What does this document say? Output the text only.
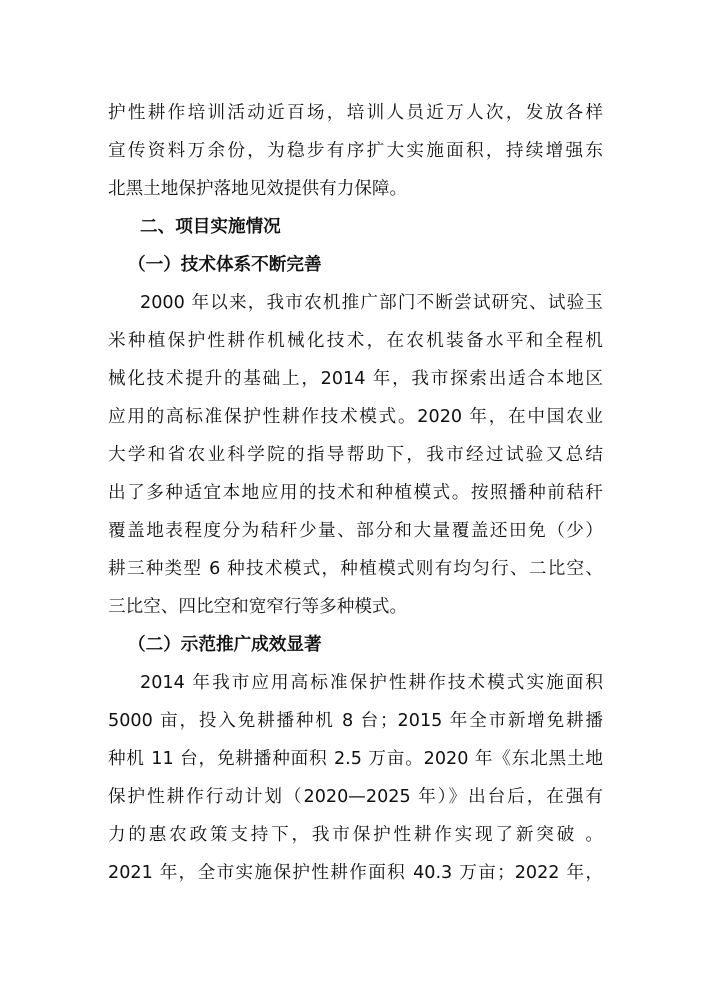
护性耕作培训活动近百场，培训人员近万人次，发放各样
宣传资料万余份，为稳步有序扩大实施面积，持续增强东
北黑土地保护落地见效提供有力保障。
二、项目实施情况
（一）技术体系不断完善
2000 年以来，我市农机推广部门不断尝试研究、试验玉
米种植保护性耕作机械化技术，在农机装备水平和全程机
械化技术提升的基础上，2014 年，我市探索出适合本地区
应用的高标准保护性耕作技术模式。2020 年，在中国农业
大学和省农业科学院的指导帮助下，我市经过试验又总结
出了多种适宜本地应用的技术和种植模式。按照播种前秸秆
覆盖地表程度分为秸秆少量、部分和大量覆盖还田免（少）
耕三种类型 6 种技术模式，种植模式则有均匀行、二比空、
三比空、四比空和宽窄行等多种模式。
（二）示范推广成效显著
2014 年我市应用高标准保护性耕作技术模式实施面积
5000 亩，投入免耕播种机 8 台；2015 年全市新增免耕播
种机 11 台，免耕播种面积 2.5 万亩。2020 年《东北黑土地
保护性耕作行动计划（2020—2025 年）》出台后，在强有
力的惠农政策支持下，我市保护性耕作实现了新突破 。
2021 年，全市实施保护性耕作面积 40.3 万亩；2022 年，
